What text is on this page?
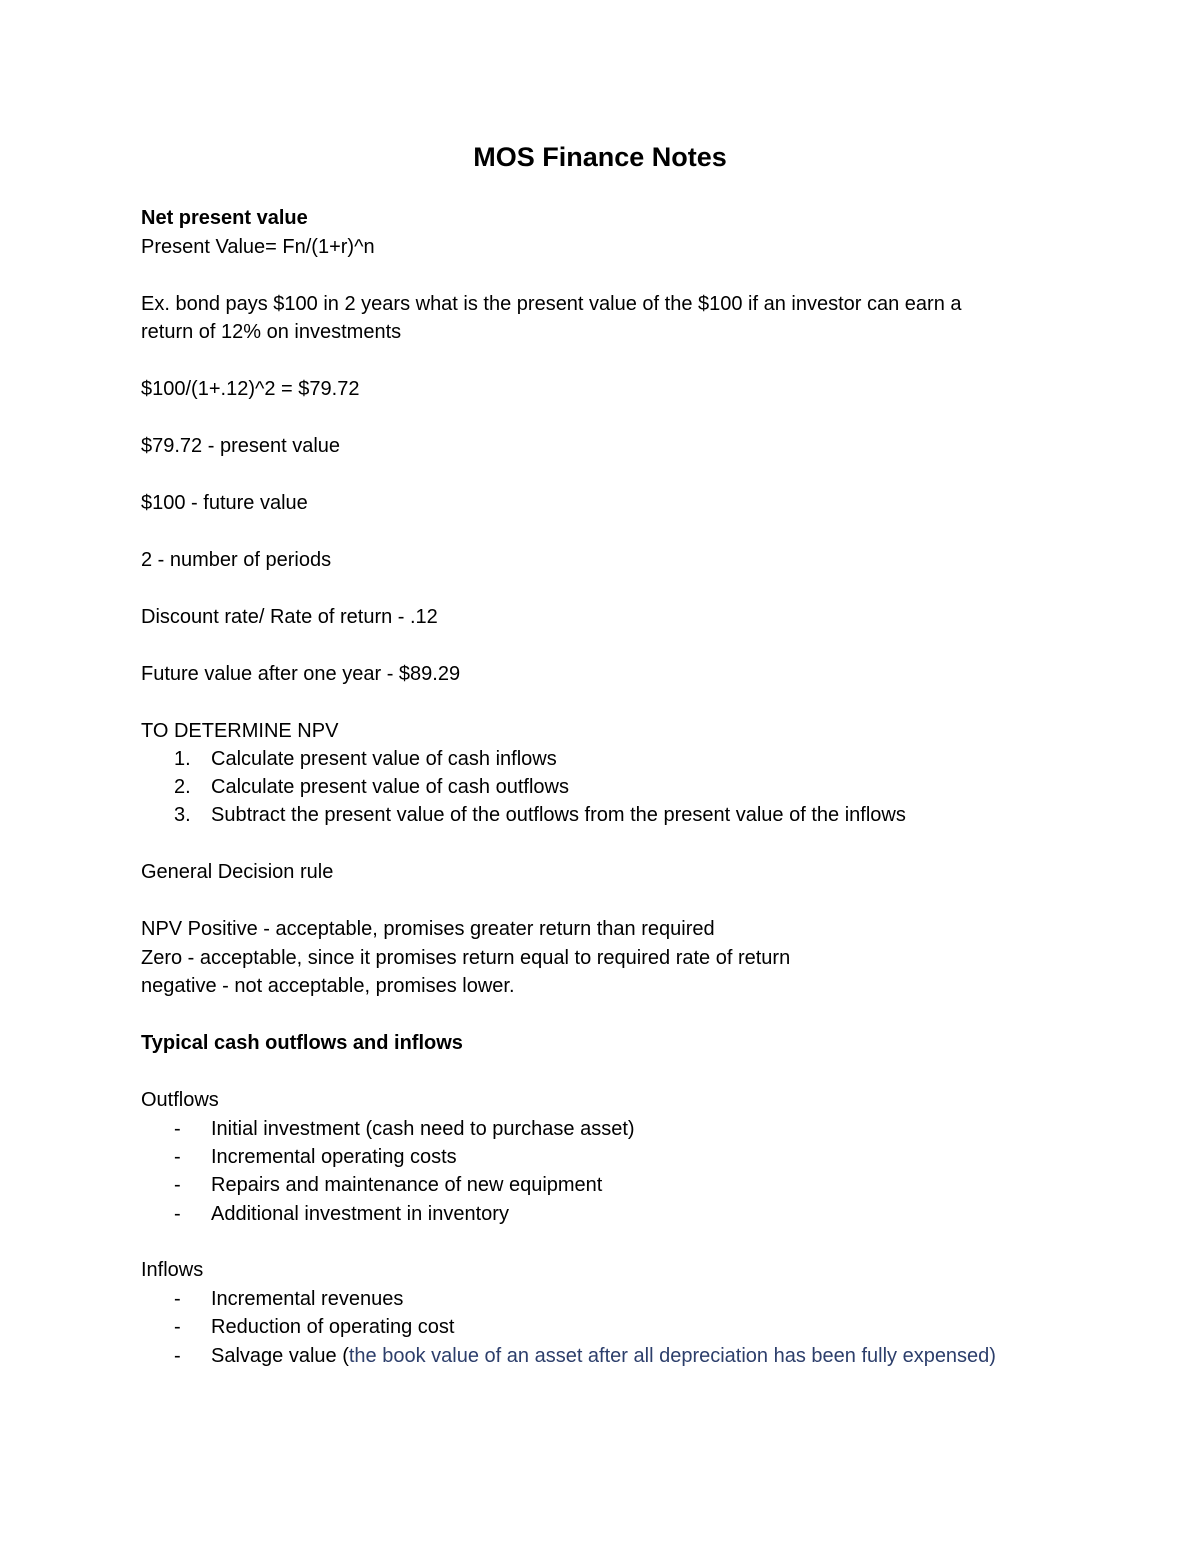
MOS Finance Notes
Net present value
Present Value= Fn/(1+r)^n
Ex. bond pays $100 in 2 years what is the present value of the $100 if an investor can earn a
return of 12% on investments
$100/(1+.12)^2 = $79.72
$79.72 - present value
$100 - future value
2 - number of periods
Discount rate/ Rate of return - .12
Future value after one year - $89.29
TO DETERMINE NPV
1. Calculate present value of cash inflows
2. Calculate present value of cash outflows
3. Subtract the present value of the outflows from the present value of the inflows
General Decision rule
NPV Positive - acceptable, promises greater return than required
Zero - acceptable, since it promises return equal to required rate of return
negative - not acceptable, promises lower.
Typical cash outflows and inflows
Outflows
- Initial investment (cash need to purchase asset)
- Incremental operating costs
- Repairs and maintenance of new equipment
- Additional investment in inventory
Inflows
- Incremental revenues
- Reduction of operating cost
- Salvage value (the book value of an asset after all depreciation has been fully expensed)
